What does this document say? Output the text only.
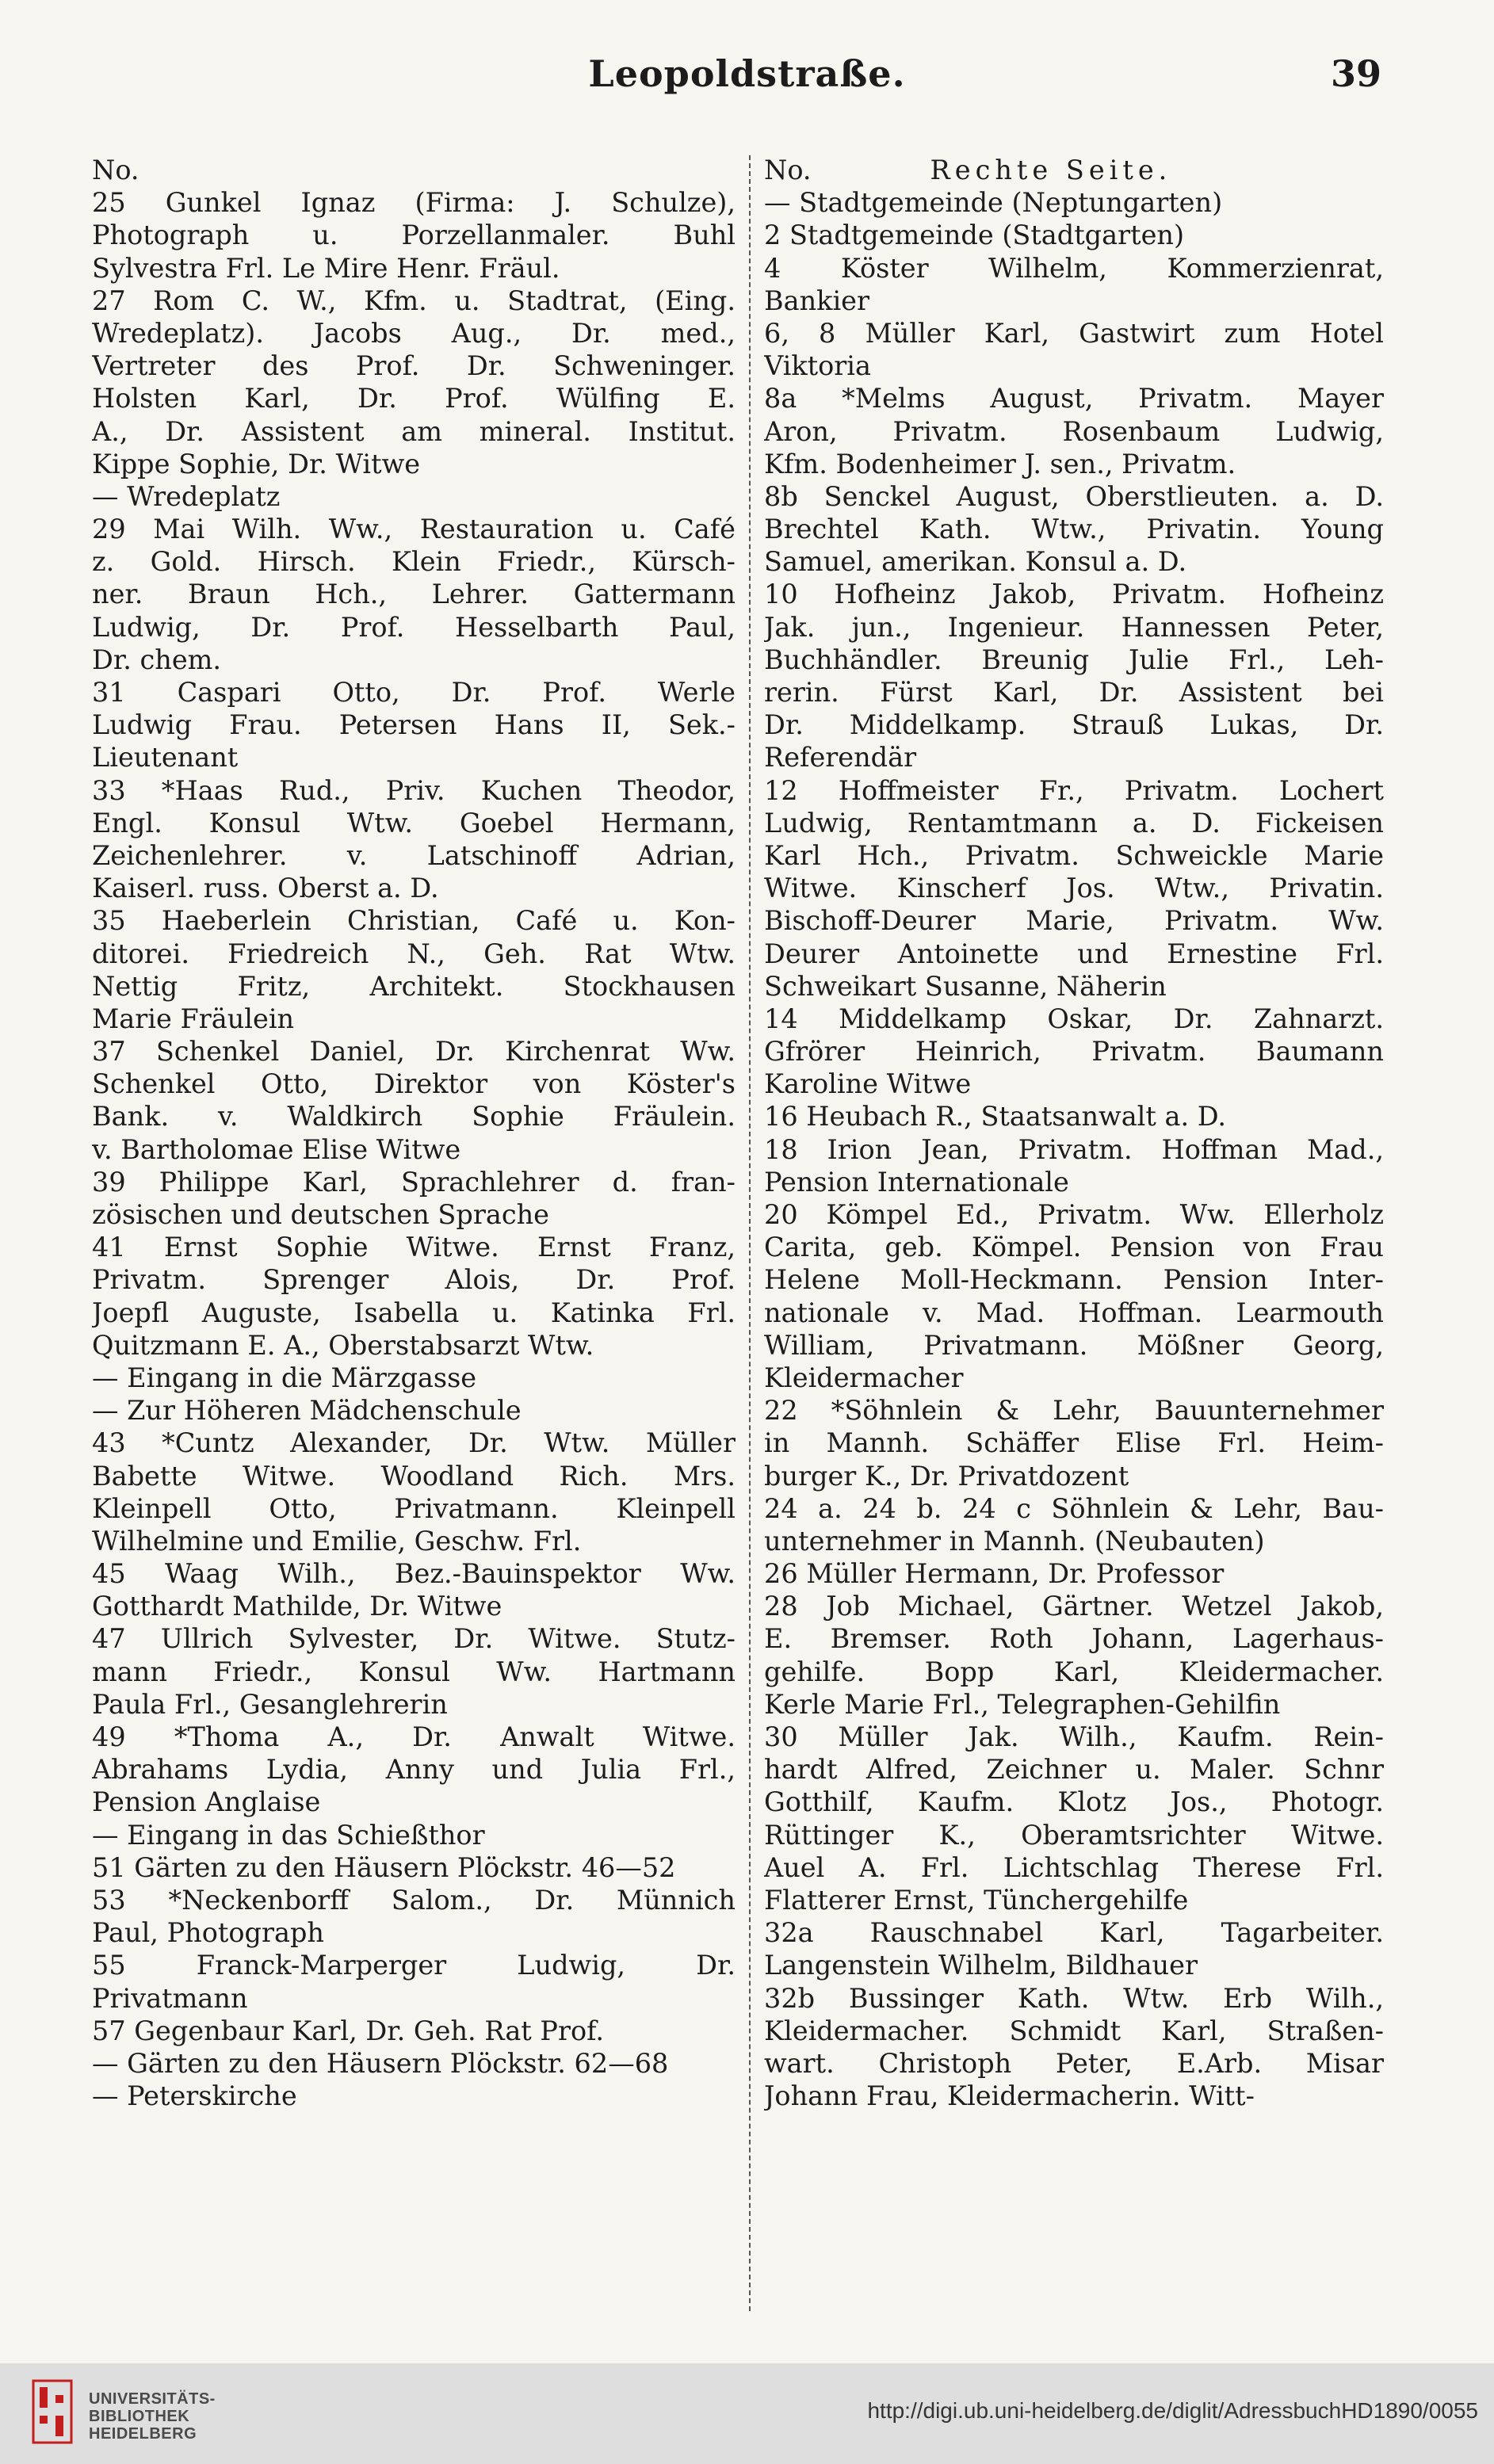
Leopoldstraße.	39
No.
25 Gunkel Ignaz (Firma: J. Schulze),
Photograph u. Porzellanmaler. Buhl
Sylvestra Frl. Le Mire Henr. Fräul.
27 Rom C. W., Kfm. u. Stadtrat, (Eing.
Wredeplatz). Jacobs Aug., Dr. med.,
Vertreter des Prof. Dr. Schweninger.
Holsten Karl, Dr. Prof. Wülfing E.
A., Dr. Assistent am mineral. Institut.
Kippe Sophie, Dr. Witwe
— Wredeplatz
29 Mai Wilh. Ww., Restauration u. Café
z. Gold. Hirsch. Klein Friedr., Kürsch-
ner. Braun Hch., Lehrer. Gattermann
Ludwig, Dr. Prof. Hesselbarth Paul,
Dr. chem.
31 Caspari Otto, Dr. Prof. Werle
Ludwig Frau. Petersen Hans II, Sek.-
Lieutenant
33 *Haas Rud., Priv. Kuchen Theodor,
Engl. Konsul Wtw. Goebel Hermann,
Zeichenlehrer. v. Latschinoff Adrian,
Kaiserl. russ. Oberst a. D.
35 Haeberlein Christian, Café u. Kon-
ditorei. Friedreich N., Geh. Rat Wtw.
Nettig Fritz, Architekt. Stockhausen
Marie Fräulein
37 Schenkel Daniel, Dr. Kirchenrat Ww.
Schenkel Otto, Direktor von Köster's
Bank. v. Waldkirch Sophie Fräulein.
v. Bartholomae Elise Witwe
39 Philippe Karl, Sprachlehrer d. fran-
zösischen und deutschen Sprache
41 Ernst Sophie Witwe. Ernst Franz,
Privatm. Sprenger Alois, Dr. Prof.
Joepfl Auguste, Isabella u. Katinka Frl.
Quitzmann E. A., Oberstabsarzt Wtw.
— Eingang in die Märzgasse
— Zur Höheren Mädchenschule
43 *Cuntz Alexander, Dr. Wtw. Müller
Babette Witwe. Woodland Rich. Mrs.
Kleinpell Otto, Privatmann. Kleinpell
Wilhelmine und Emilie, Geschw. Frl.
45 Waag Wilh., Bez.-Bauinspektor Ww.
Gotthardt Mathilde, Dr. Witwe
47 Ullrich Sylvester, Dr. Witwe. Stutz-
mann Friedr., Konsul Ww. Hartmann
Paula Frl., Gesanglehrerin
49 *Thoma A., Dr. Anwalt Witwe.
Abrahams Lydia, Anny und Julia Frl.,
Pension Anglaise
— Eingang in das Schießthor
51 Gärten zu den Häusern Plöckstr. 46—52
53 *Neckenborff Salom., Dr. Münnich
Paul, Photograph
55 Franck-Marperger Ludwig, Dr.
Privatmann
57 Gegenbaur Karl, Dr. Geh. Rat Prof.
— Gärten zu den Häusern Plöckstr. 62—68
— Peterskirche
No.	Rechte Seite.
— Stadtgemeinde (Neptungarten)
2 Stadtgemeinde (Stadtgarten)
4 Köster Wilhelm, Kommerzienrat,
Bankier
6, 8 Müller Karl, Gastwirt zum Hotel
Viktoria
8a *Melms August, Privatm. Mayer
Aron, Privatm. Rosenbaum Ludwig,
Kfm. Bodenheimer J. sen., Privatm.
8b Senckel August, Oberstlieuten. a. D.
Brechtel Kath. Wtw., Privatin. Young
Samuel, amerikan. Konsul a. D.
10 Hofheinz Jakob, Privatm. Hofheinz
Jak. jun., Ingenieur. Hannessen Peter,
Buchhändler. Breunig Julie Frl., Leh-
rerin. Fürst Karl, Dr. Assistent bei
Dr. Middelkamp. Strauß Lukas, Dr.
Referendär
12 Hoffmeister Fr., Privatm. Lochert
Ludwig, Rentamtmann a. D. Fickeisen
Karl Hch., Privatm. Schweickle Marie
Witwe. Kinscherf Jos. Wtw., Privatin.
Bischoff-Deurer Marie, Privatm. Ww.
Deurer Antoinette und Ernestine Frl.
Schweikart Susanne, Näherin
14 Middelkamp Oskar, Dr. Zahnarzt.
Gfrörer Heinrich, Privatm. Baumann
Karoline Witwe
16 Heubach R., Staatsanwalt a. D.
18 Irion Jean, Privatm. Hoffman Mad.,
Pension Internationale
20 Kömpel Ed., Privatm. Ww. Ellerholz
Carita, geb. Kömpel. Pension von Frau
Helene Moll-Heckmann. Pension Inter-
nationale v. Mad. Hoffman. Learmouth
William, Privatmann. Mößner Georg,
Kleidermacher
22 *Söhnlein & Lehr, Bauunternehmer
in Mannh. Schäffer Elise Frl. Heim-
burger K., Dr. Privatdozent
24 a. 24 b. 24 c Söhnlein & Lehr, Bau-
unternehmer in Mannh. (Neubauten)
26 Müller Hermann, Dr. Professor
28 Job Michael, Gärtner. Wetzel Jakob,
E. Bremser. Roth Johann, Lagerhaus-
gehilfe. Bopp Karl, Kleidermacher.
Kerle Marie Frl., Telegraphen-Gehilfin
30 Müller Jak. Wilh., Kaufm. Rein-
hardt Alfred, Zeichner u. Maler. Schnr
Gotthilf, Kaufm. Klotz Jos., Photogr.
Rüttinger K., Oberamtsrichter Witwe.
Auel A. Frl. Lichtschlag Therese Frl.
Flatterer Ernst, Tünchergehilfe
32a Rauschnabel Karl, Tagarbeiter.
Langenstein Wilhelm, Bildhauer
32b Bussinger Kath. Wtw. Erb Wilh.,
Kleidermacher. Schmidt Karl, Straßen-
wart. Christoph Peter, E.Arb. Misar
Johann Frau, Kleidermacherin. Witt-
UNIVERSITÄTS-
BIBLIOTHEK
HEIDELBERG
http://digi.ub.uni-heidelberg.de/diglit/AdressbuchHD1890/0055
